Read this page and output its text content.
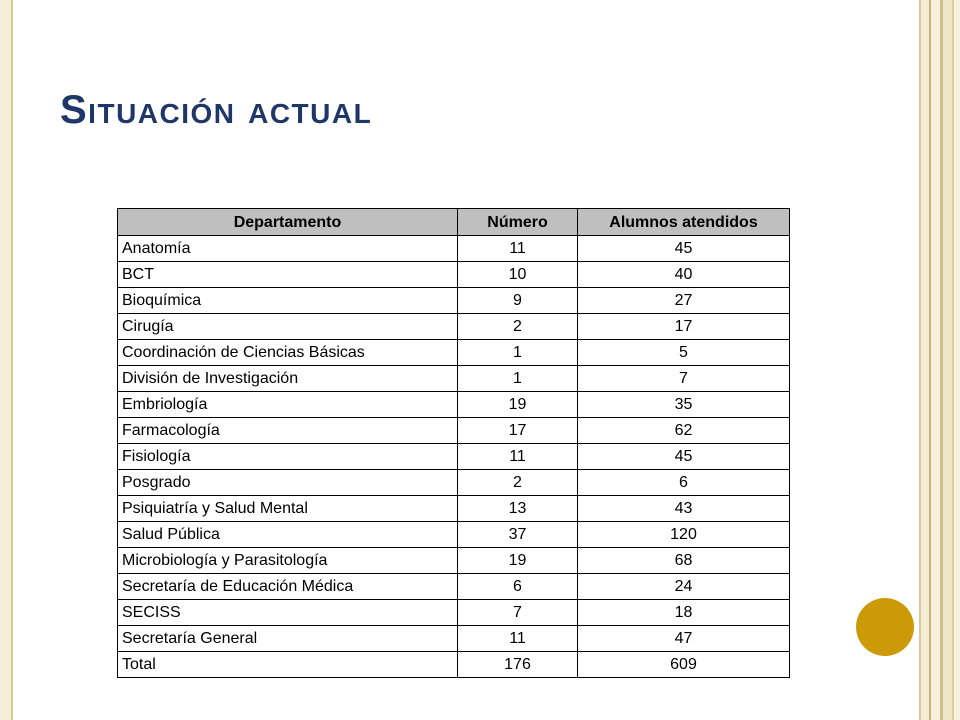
Situación actual
Departamento	Número	Alumnos atendidos
Anatomía	11	45
BCT	10	40
Bioquímica	9	27
Cirugía	2	17
Coordinación de Ciencias Básicas	1	5
División de Investigación	1	7
Embriología	19	35
Farmacología	17	62
Fisiología	11	45
Posgrado	2	6
Psiquiatría y Salud Mental	13	43
Salud Pública	37	120
Microbiología y Parasitología	19	68
Secretaría de Educación Médica	6	24
SECISS	7	18
Secretaría General	11	47
Total	176	609
